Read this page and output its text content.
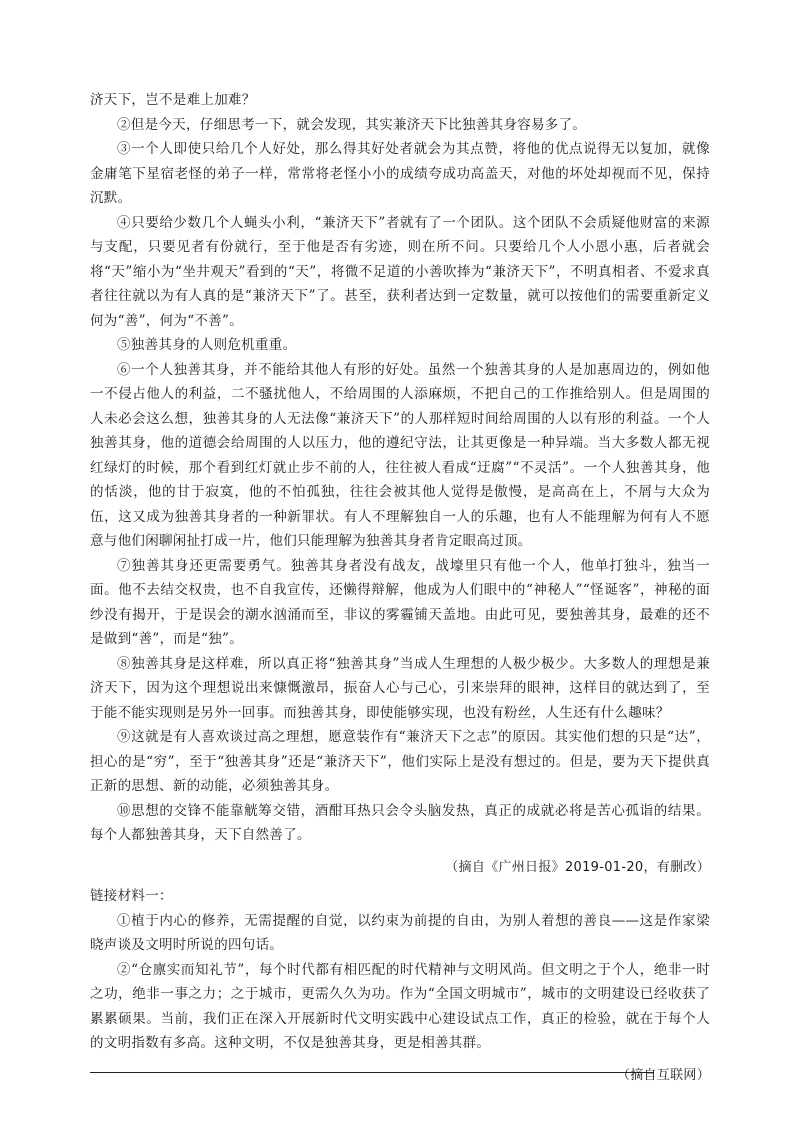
济天下，岂不是难上加难？

②但是今天，仔细思考一下，就会发现，其实兼济天下比独善其身容易多了。

③一个人即使只给几个人好处，那么得其好处者就会为其点赞，将他的优点说得无以复加，就像金庸笔下星宿老怪的弟子一样，常常将老怪小小的成绩夸成功高盖天，对他的坏处却视而不见，保持沉默。

④只要给少数几个人蝇头小利，“兼济天下”者就有了一个团队。这个团队不会质疑他财富的来源与支配，只要见者有份就行，至于他是否有劣迹，则在所不问。只要给几个人小恩小惠，后者就会将“天”缩小为“坐井观天”看到的“天”，将微不足道的小善吹捧为“兼济天下”，不明真相者、不爱求真者往往就以为有人真的是“兼济天下”了。甚至，获利者达到一定数量，就可以按他们的需要重新定义何为“善”，何为“不善”。

⑤独善其身的人则危机重重。

⑥一个人独善其身，并不能给其他人有形的好处。虽然一个独善其身的人是加惠周边的，例如他一不侵占他人的利益，二不骚扰他人，不给周围的人添麻烦，不把自己的工作推给别人。但是周围的人未必会这么想，独善其身的人无法像“兼济天下”的人那样短时间给周围的人以有形的利益。一个人独善其身，他的道德会给周围的人以压力，他的遵纪守法，让其更像是一种异端。当大多数人都无视红绿灯的时候，那个看到红灯就止步不前的人，往往被人看成“迂腐”“不灵活”。一个人独善其身，他的恬淡，他的甘于寂寞，他的不怕孤独，往往会被其他人觉得是傲慢，是高高在上，不屑与大众为伍，这又成为独善其身者的一种新罪状。有人不理解独自一人的乐趣，也有人不能理解为何有人不愿意与他们闲聊闲扯打成一片，他们只能理解为独善其身者肯定眼高过顶。

⑦独善其身还更需要勇气。独善其身者没有战友，战壕里只有他一个人，他单打独斗，独当一面。他不去结交权贵，也不自我宣传，还懒得辩解，他成为人们眼中的“神秘人”“怪诞客”，神秘的面纱没有揭开，于是误会的潮水汹涌而至，非议的雾霾铺天盖地。由此可见，要独善其身，最难的还不是做到“善”，而是“独”。

⑧独善其身是这样难，所以真正将“独善其身”当成人生理想的人极少极少。大多数人的理想是兼济天下，因为这个理想说出来慷慨激昂，振奋人心与己心，引来崇拜的眼神，这样目的就达到了，至于能不能实现则是另外一回事。而独善其身，即使能够实现，也没有粉丝，人生还有什么趣味？

⑨这就是有人喜欢谈过高之理想，愿意装作有“兼济天下之志”的原因。其实他们想的只是“达”，担心的是“穷”，至于“独善其身”还是“兼济天下”，他们实际上是没有想过的。但是，要为天下提供真正新的思想、新的动能，必须独善其身。

⑩思想的交锋不能靠觥筹交错，酒酣耳热只会令头脑发热，真正的成就必将是苦心孤诣的结果。每个人都独善其身，天下自然善了。

（摘自《广州日报》2019-01-20，有删改）

链接材料一：

①植于内心的修养，无需提醒的自觉，以约束为前提的自由，为别人着想的善良——这是作家梁晓声谈及文明时所说的四句话。

②“仓廪实而知礼节”，每个时代都有相匹配的时代精神与文明风尚。但文明之于个人，绝非一时之功，绝非一事之力；之于城市，更需久久为功。作为“全国文明城市”，城市的文明建设已经收获了累累硕果。当前，我们正在深入开展新时代文明实践中心建设试点工作，真正的检验，就在于每个人的文明指数有多高。这种文明，不仅是独善其身，更是相善其群。

（摘自互联网）
